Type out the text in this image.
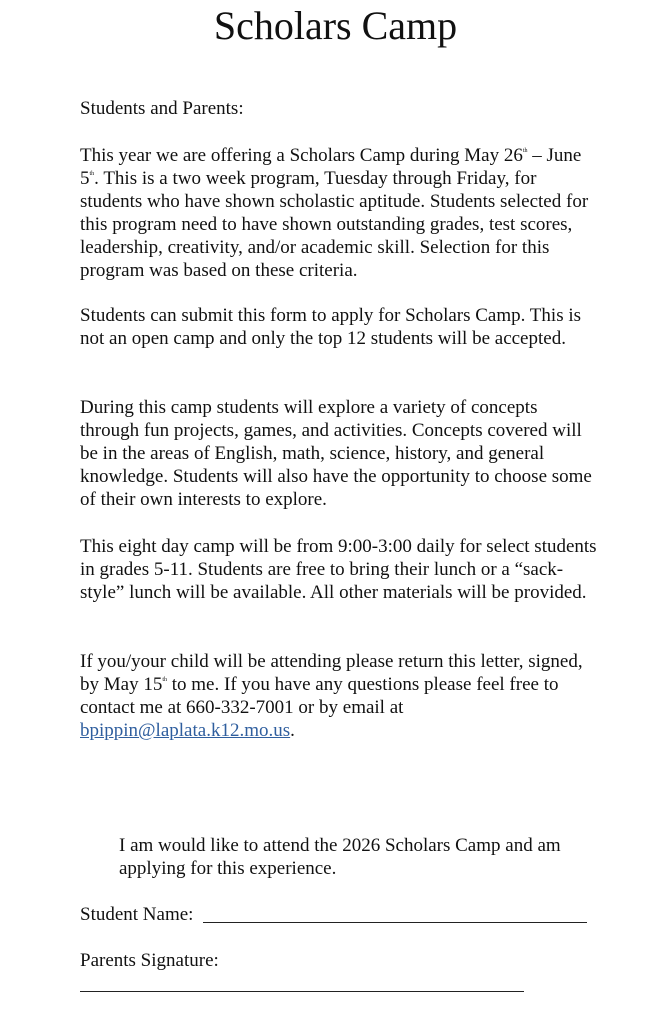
Scholars Camp

Students and Parents:

This year we are offering a Scholars Camp during May 26th – June 5th. This is a two week program, Tuesday through Friday, for students who have shown scholastic aptitude. Students selected for this program need to have shown outstanding grades, test scores, leadership, creativity, and/or academic skill. Selection for this program was based on these criteria.

Students can submit this form to apply for Scholars Camp. This is not an open camp and only the top 12 students will be accepted.

During this camp students will explore a variety of concepts through fun projects, games, and activities. Concepts covered will be in the areas of English, math, science, history, and general knowledge. Students will also have the opportunity to choose some of their own interests to explore.

This eight day camp will be from 9:00-3:00 daily for select students in grades 5-11. Students are free to bring their lunch or a “sack-style” lunch will be available. All other materials will be provided.

If you/your child will be attending please return this letter, signed, by May 15th to me. If you have any questions please feel free to contact me at 660-332-7001 or by email at bpippin@laplata.k12.mo.us.

I am would like to attend the 2026 Scholars Camp and am applying for this experience.

Student Name:
Parents Signature:
